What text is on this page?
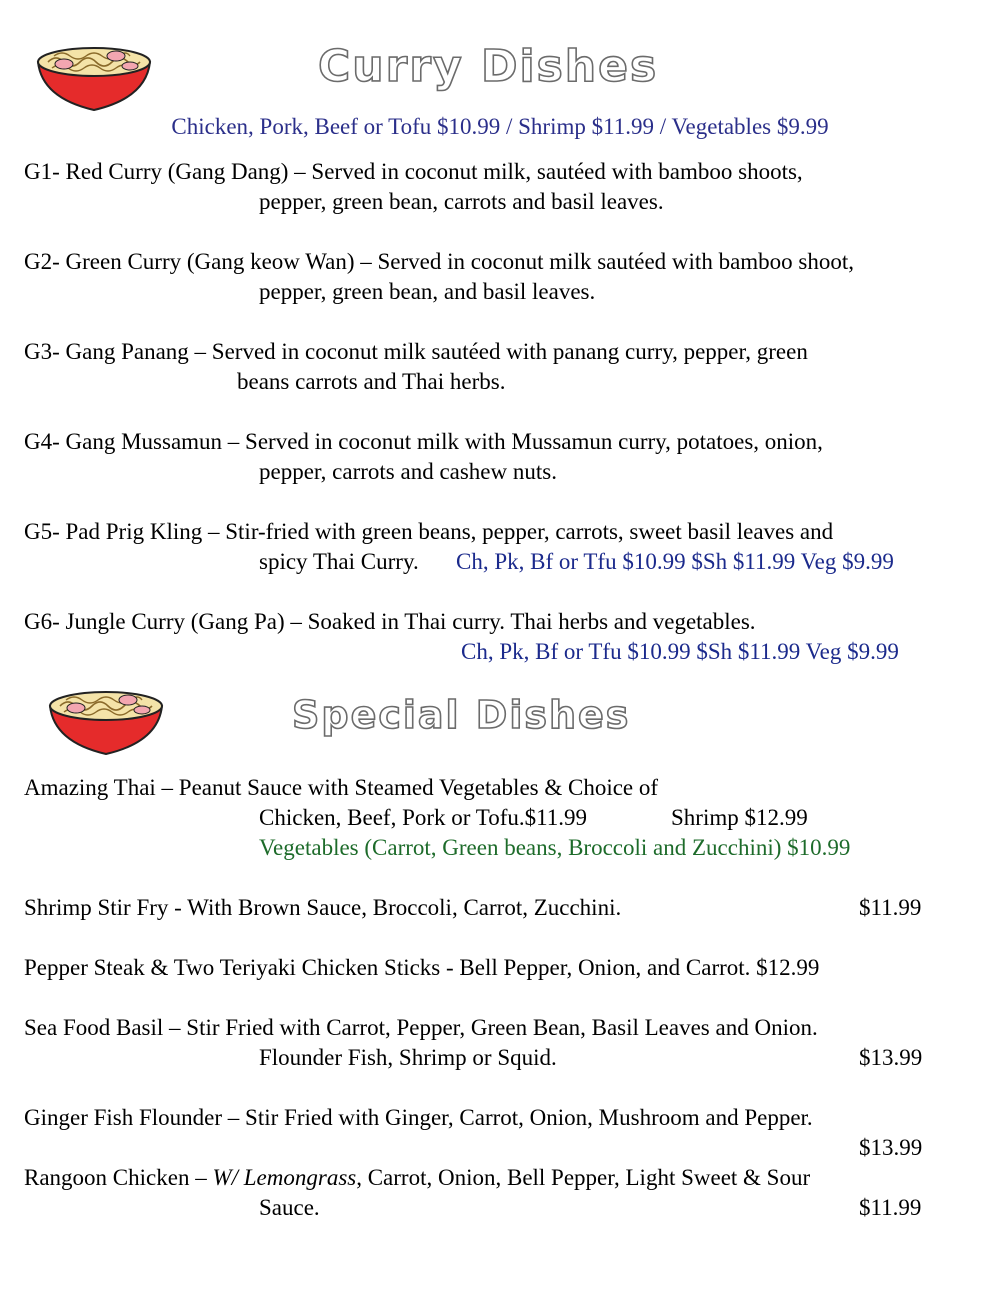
Curry Dishes
Chicken, Pork, Beef or Tofu $10.99 / Shrimp $11.99 / Vegetables $9.99
G1- Red Curry (Gang Dang) – Served in coconut milk, sautéed with bamboo shoots,
pepper, green bean, carrots and basil leaves.
G2- Green Curry (Gang keow Wan) – Served in coconut milk sautéed with bamboo shoot,
pepper, green bean, and basil leaves.
G3- Gang Panang – Served in coconut milk sautéed with panang curry, pepper, green
beans carrots and Thai herbs.
G4- Gang Mussamun – Served in coconut milk with Mussamun curry, potatoes, onion,
pepper, carrots and cashew nuts.
G5- Pad Prig Kling – Stir-fried with green beans, pepper, carrots, sweet basil leaves and
spicy Thai Curry. Ch, Pk, Bf or Tfu $10.99 $Sh $11.99 Veg $9.99
G6- Jungle Curry (Gang Pa) – Soaked in Thai curry. Thai herbs and vegetables.
Ch, Pk, Bf or Tfu $10.99 $Sh $11.99 Veg $9.99
Special Dishes
Amazing Thai – Peanut Sauce with Steamed Vegetables & Choice of
Chicken, Beef, Pork or Tofu.$11.99	Shrimp $12.99
Vegetables (Carrot, Green beans, Broccoli and Zucchini) $10.99
Shrimp Stir Fry - With Brown Sauce, Broccoli, Carrot, Zucchini.	$11.99
Pepper Steak & Two Teriyaki Chicken Sticks - Bell Pepper, Onion, and Carrot. $12.99
Sea Food Basil – Stir Fried with Carrot, Pepper, Green Bean, Basil Leaves and Onion.
Flounder Fish, Shrimp or Squid.	$13.99
Ginger Fish Flounder – Stir Fried with Ginger, Carrot, Onion, Mushroom and Pepper.
$13.99
Rangoon Chicken – W/ Lemongrass, Carrot, Onion, Bell Pepper, Light Sweet & Sour
Sauce.	$11.99
